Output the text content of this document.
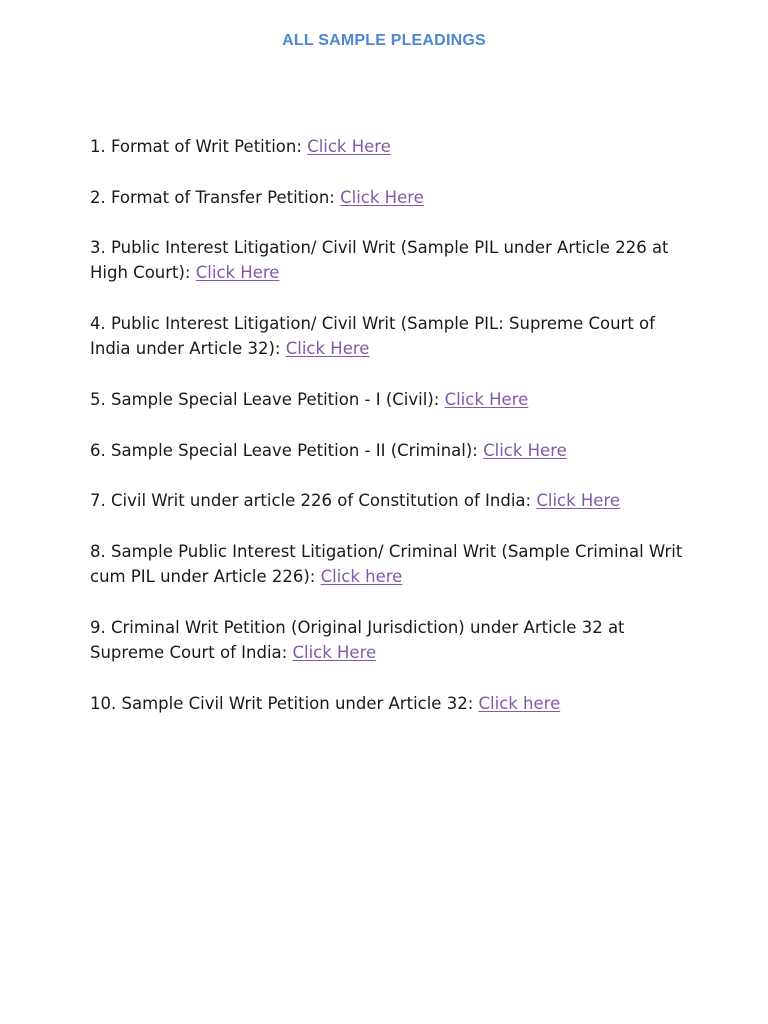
ALL SAMPLE PLEADINGS
1. Format of Writ Petition: Click Here
2. Format of Transfer Petition: Click Here
3. Public Interest Litigation/ Civil Writ (Sample PIL under Article 226 at High Court): Click Here
4. Public Interest Litigation/ Civil Writ (Sample PIL: Supreme Court of India under Article 32): Click Here
5. Sample Special Leave Petition - I (Civil): Click Here
6. Sample Special Leave Petition - II (Criminal): Click Here
7. Civil Writ under article 226 of Constitution of India: Click Here
8. Sample Public Interest Litigation/ Criminal Writ (Sample Criminal Writ cum PIL under Article 226): Click here
9. Criminal Writ Petition (Original Jurisdiction) under Article 32 at Supreme Court of India: Click Here
10. Sample Civil Writ Petition under Article 32: Click here
